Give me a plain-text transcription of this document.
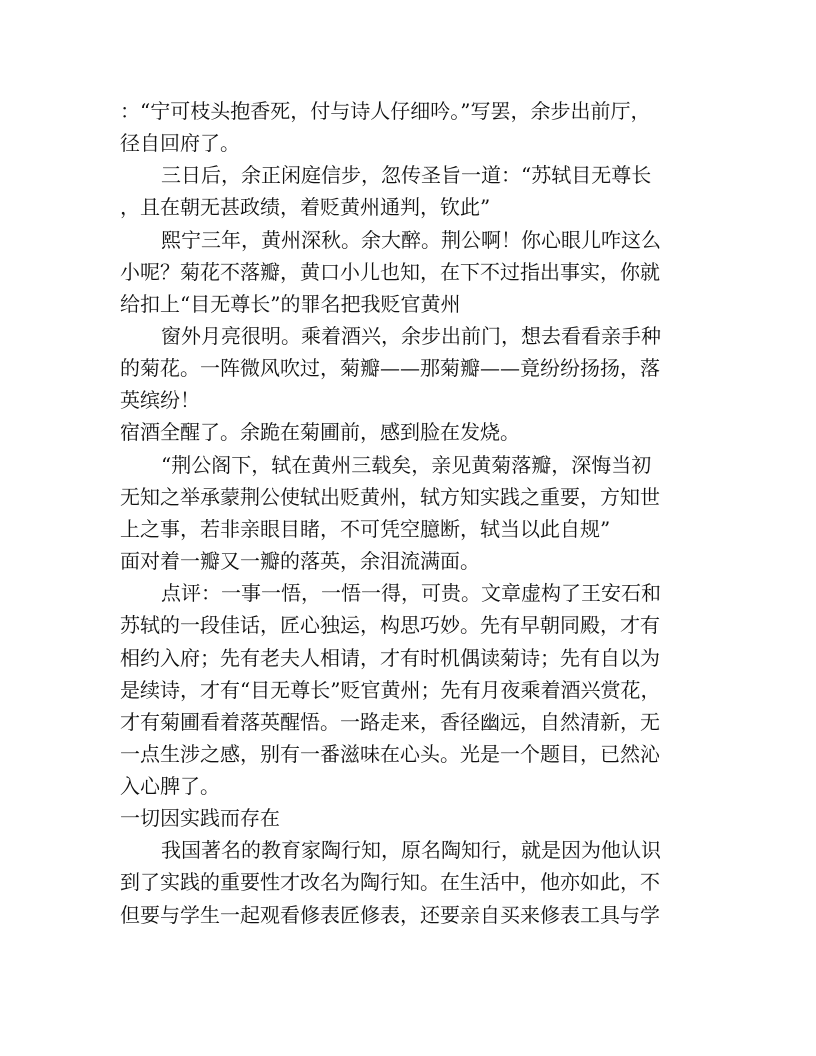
：“宁可枝头抱香死，付与诗人仔细吟。”写罢，余步出前厅，
径自回府了。
三日后，余正闲庭信步，忽传圣旨一道：“苏轼目无尊长
，且在朝无甚政绩，着贬黄州通判，钦此”
熙宁三年，黄州深秋。余大醉。荆公啊！你心眼儿咋这么
小呢？菊花不落瓣，黄口小儿也知，在下不过指出事实，你就
给扣上“目无尊长”的罪名把我贬官黄州
窗外月亮很明。乘着酒兴，余步出前门，想去看看亲手种
的菊花。一阵微风吹过，菊瓣——那菊瓣——竟纷纷扬扬，落
英缤纷！
宿酒全醒了。余跪在菊圃前，感到脸在发烧。
“荆公阁下，轼在黄州三载矣，亲见黄菊落瓣，深悔当初
无知之举承蒙荆公使轼出贬黄州，轼方知实践之重要，方知世
上之事，若非亲眼目睹，不可凭空臆断，轼当以此自规”
面对着一瓣又一瓣的落英，余泪流满面。
点评：一事一悟，一悟一得，可贵。文章虚构了王安石和
苏轼的一段佳话，匠心独运，构思巧妙。先有早朝同殿，才有
相约入府；先有老夫人相请，才有时机偶读菊诗；先有自以为
是续诗，才有“目无尊长”贬官黄州；先有月夜乘着酒兴赏花，
才有菊圃看着落英醒悟。一路走来，香径幽远，自然清新，无
一点生涉之感，别有一番滋味在心头。光是一个题目，已然沁
入心脾了。
一切因实践而存在
我国著名的教育家陶行知，原名陶知行，就是因为他认识
到了实践的重要性才改名为陶行知。在生活中，他亦如此，不
但要与学生一起观看修表匠修表，还要亲自买来修表工具与学
